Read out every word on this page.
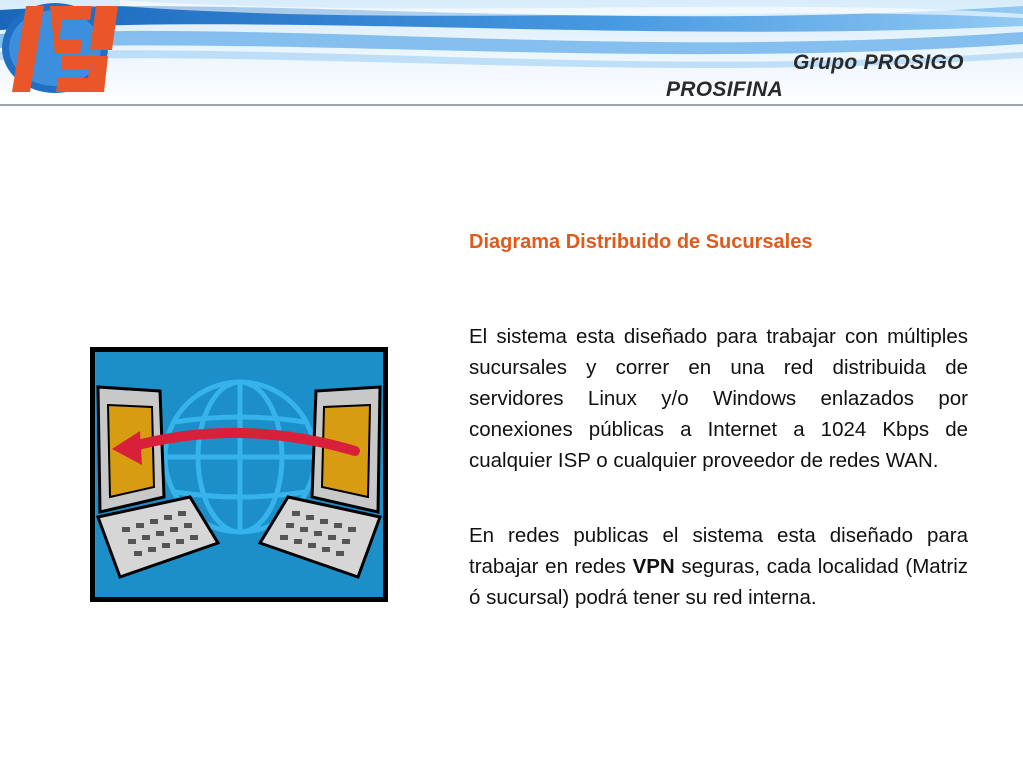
Grupo PROSIGO
PROSIFINA
Diagrama Distribuido de Sucursales

El sistema esta diseñado para trabajar con múltiples sucursales y correr en una red distribuida de servidores Linux y/o Windows enlazados por conexiones públicas a Internet a 1024 Kbps de cualquier ISP o cualquier proveedor de redes WAN.

En redes publicas el sistema esta diseñado para trabajar en redes VPN seguras, cada localidad (Matriz ó sucursal) podrá tener su red interna.
